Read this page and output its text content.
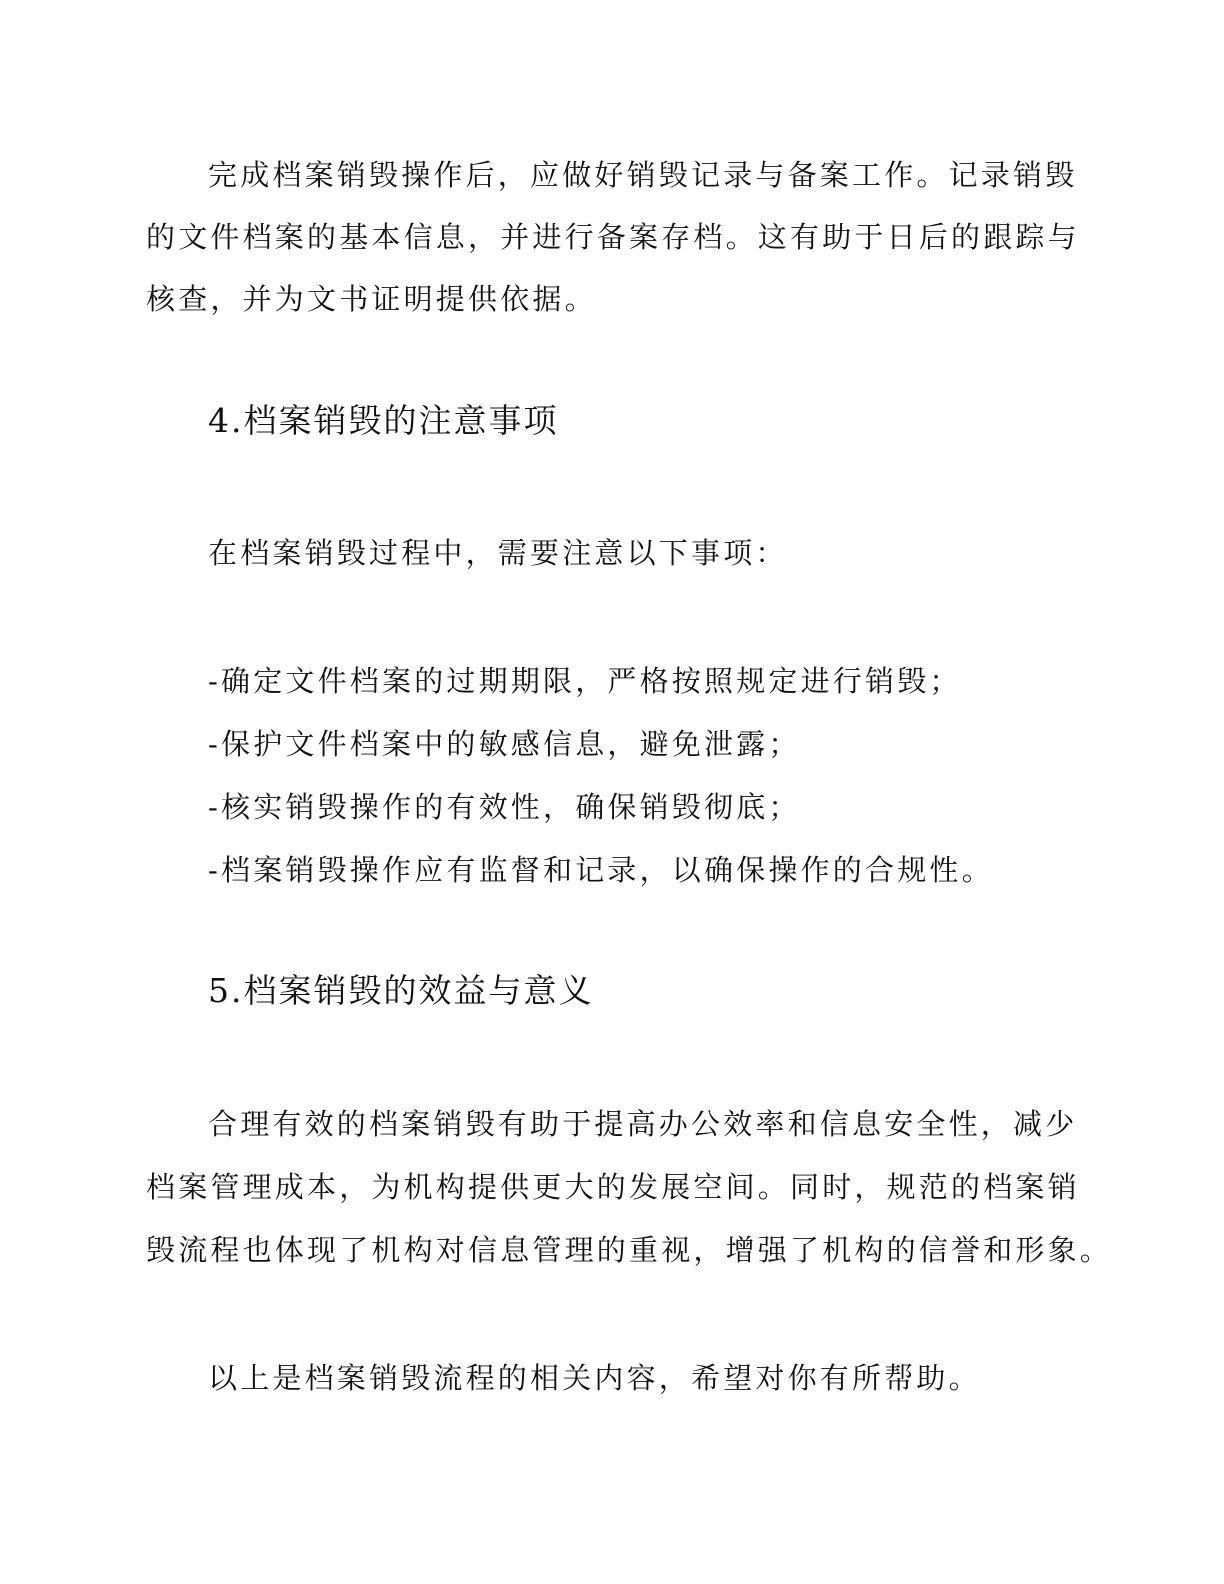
完成档案销毁操作后，应做好销毁记录与备案工作。记录销毁

的文件档案的基本信息，并进行备案存档。这有助于日后的跟踪与

核查，并为文书证明提供依据。

4.档案销毁的注意事项

在档案销毁过程中，需要注意以下事项：

-确定文件档案的过期期限，严格按照规定进行销毁；

-保护文件档案中的敏感信息，避免泄露；

-核实销毁操作的有效性，确保销毁彻底；

-档案销毁操作应有监督和记录，以确保操作的合规性。

5.档案销毁的效益与意义

合理有效的档案销毁有助于提高办公效率和信息安全性，减少

档案管理成本，为机构提供更大的发展空间。同时，规范的档案销

毁流程也体现了机构对信息管理的重视，增强了机构的信誉和形象。

以上是档案销毁流程的相关内容，希望对你有所帮助。
